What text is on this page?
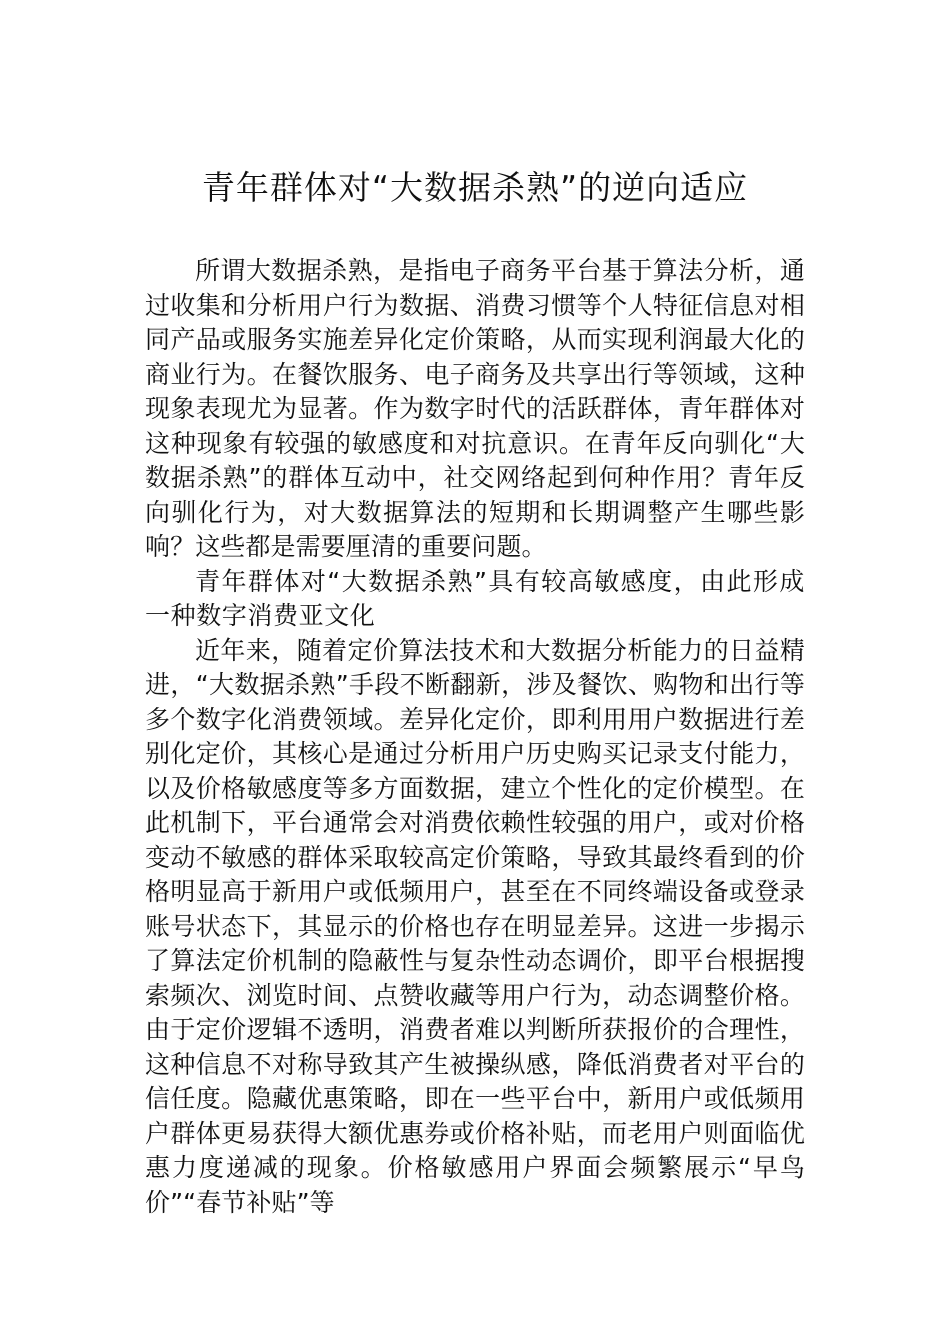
青年群体对“大数据杀熟”的逆向适应

所谓大数据杀熟，是指电子商务平台基于算法分析，通过收集和分析用户行为数据、消费习惯等个人特征信息对相同产品或服务实施差异化定价策略，从而实现利润最大化的商业行为。在餐饮服务、电子商务及共享出行等领域，这种现象表现尤为显著。作为数字时代的活跃群体，青年群体对这种现象有较强的敏感度和对抗意识。在青年反向驯化“大数据杀熟”的群体互动中，社交网络起到何种作用？青年反向驯化行为，对大数据算法的短期和长期调整产生哪些影响？这些都是需要厘清的重要问题。

青年群体对“大数据杀熟”具有较高敏感度，由此形成一种数字消费亚文化

近年来，随着定价算法技术和大数据分析能力的日益精进，“大数据杀熟”手段不断翻新，涉及餐饮、购物和出行等多个数字化消费领域。差异化定价，即利用用户数据进行差别化定价，其核心是通过分析用户历史购买记录支付能力，以及价格敏感度等多方面数据，建立个性化的定价模型。在此机制下，平台通常会对消费依赖性较强的用户，或对价格变动不敏感的群体采取较高定价策略，导致其最终看到的价格明显高于新用户或低频用户，甚至在不同终端设备或登录账号状态下，其显示的价格也存在明显差异。这进一步揭示了算法定价机制的隐蔽性与复杂性动态调价，即平台根据搜索频次、浏览时间、点赞收藏等用户行为，动态调整价格。由于定价逻辑不透明，消费者难以判断所获报价的合理性，这种信息不对称导致其产生被操纵感，降低消费者对平台的信任度。隐藏优惠策略，即在一些平台中，新用户或低频用户群体更易获得大额优惠券或价格补贴，而老用户则面临优惠力度递减的现象。价格敏感用户界面会频繁展示“早鸟价”“春节补贴”等
